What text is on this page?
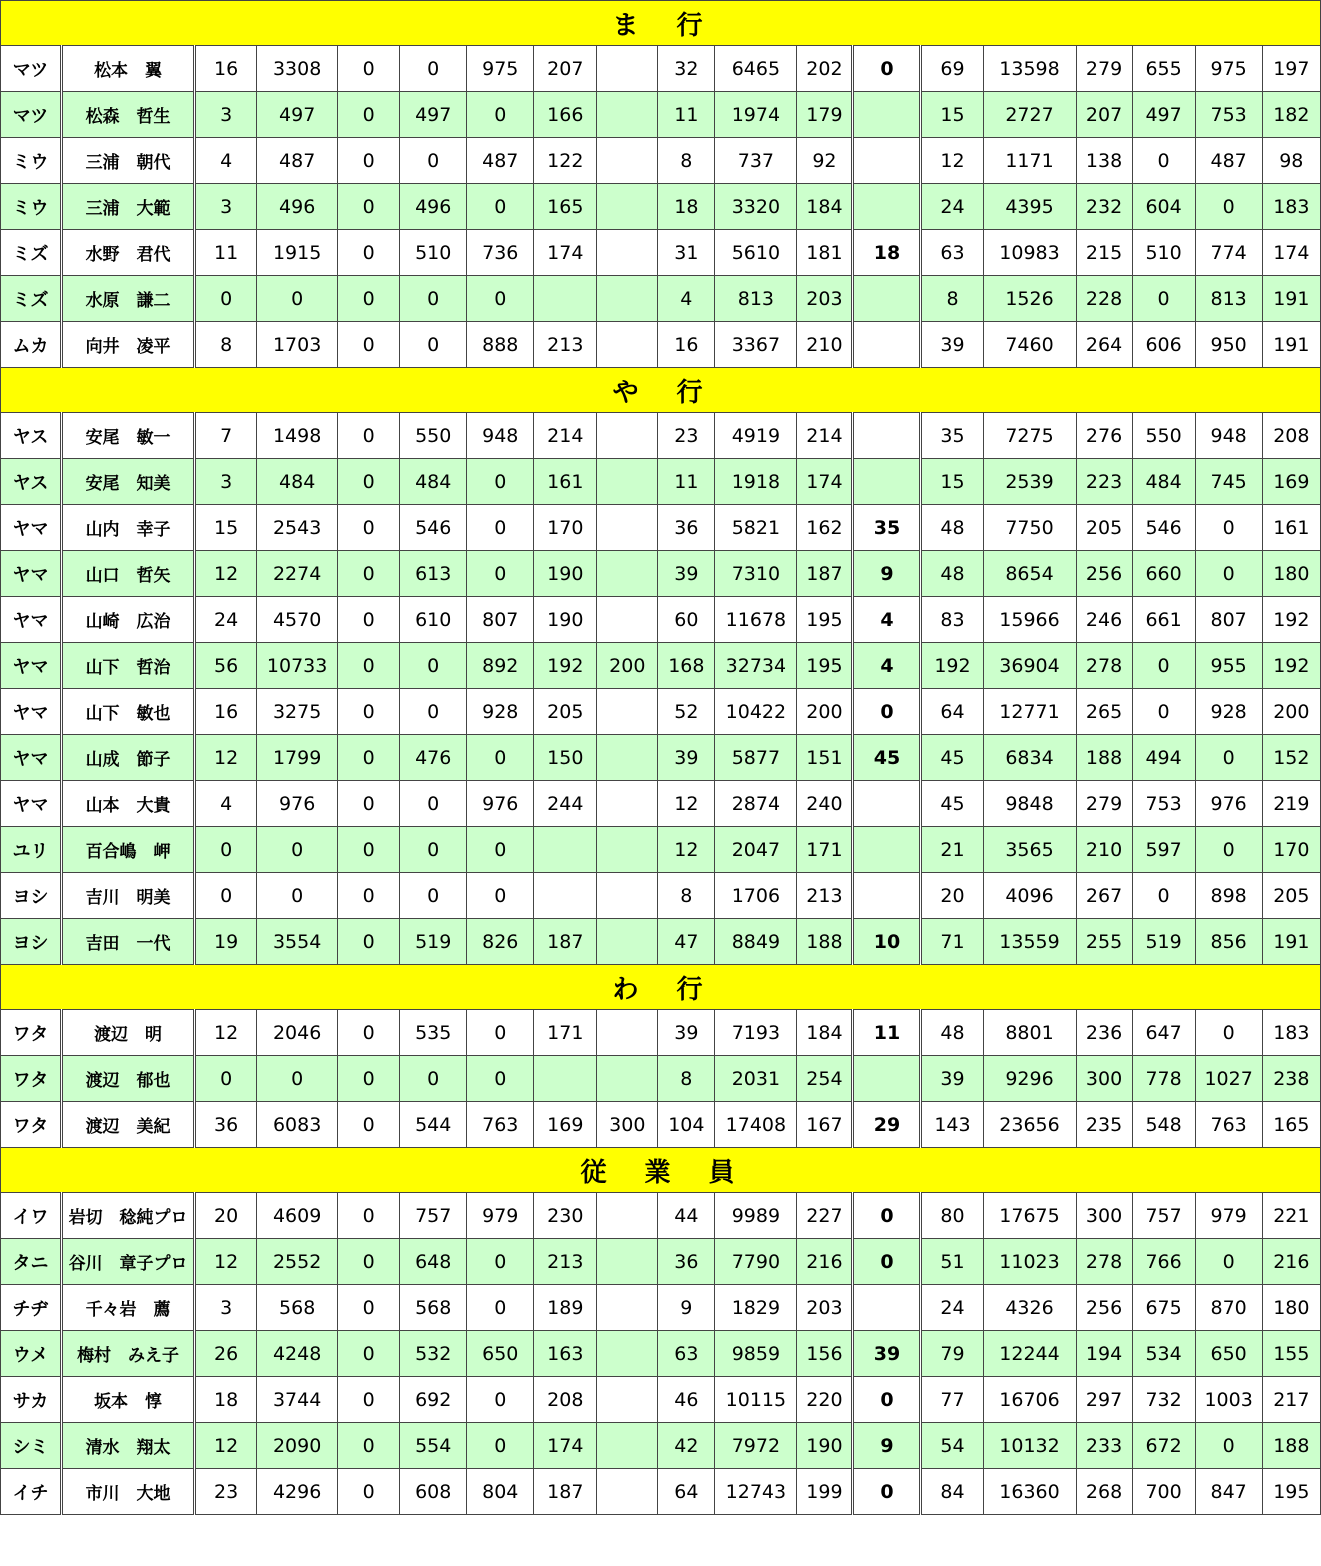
ま　行																		
マツ	松本　翼	16	3308	0	0	975	207		32	6465	202	0	69	13598	279	655	975	197
マツ	松森　哲生	3	497	0	497	0	166		11	1974	179		15	2727	207	497	753	182
ミウ	三浦　朝代	4	487	0	0	487	122		8	737	92		12	1171	138	0	487	98
ミウ	三浦　大範	3	496	0	496	0	165		18	3320	184		24	4395	232	604	0	183
ミズ	水野　君代	11	1915	0	510	736	174		31	5610	181	18	63	10983	215	510	774	174
ミズ	水原　謙二	0	0	0	0	0			4	813	203		8	1526	228	0	813	191
ムカ	向井　凌平	8	1703	0	0	888	213		16	3367	210		39	7460	264	606	950	191
や　行																		
ヤス	安尾　敏一	7	1498	0	550	948	214		23	4919	214		35	7275	276	550	948	208
ヤス	安尾　知美	3	484	0	484	0	161		11	1918	174		15	2539	223	484	745	169
ヤマ	山内　幸子	15	2543	0	546	0	170		36	5821	162	35	48	7750	205	546	0	161
ヤマ	山口　哲矢	12	2274	0	613	0	190		39	7310	187	9	48	8654	256	660	0	180
ヤマ	山崎　広治	24	4570	0	610	807	190		60	11678	195	4	83	15966	246	661	807	192
ヤマ	山下　哲治	56	10733	0	0	892	192	200	168	32734	195	4	192	36904	278	0	955	192
ヤマ	山下　敏也	16	3275	0	0	928	205		52	10422	200	0	64	12771	265	0	928	200
ヤマ	山成　節子	12	1799	0	476	0	150		39	5877	151	45	45	6834	188	494	0	152
ヤマ	山本　大貴	4	976	0	0	976	244		12	2874	240		45	9848	279	753	976	219
ユリ	百合嶋　岬	0	0	0	0	0			12	2047	171		21	3565	210	597	0	170
ヨシ	吉川　明美	0	0	0	0	0			8	1706	213		20	4096	267	0	898	205
ヨシ	吉田　一代	19	3554	0	519	826	187		47	8849	188	10	71	13559	255	519	856	191
わ　行																		
ワタ	渡辺　明	12	2046	0	535	0	171		39	7193	184	11	48	8801	236	647	0	183
ワタ	渡辺　郁也	0	0	0	0	0			8	2031	254		39	9296	300	778	1027	238
ワタ	渡辺　美紀	36	6083	0	544	763	169	300	104	17408	167	29	143	23656	235	548	763	165
従　業　員																		
イワ	岩切　稔純プロ	20	4609	0	757	979	230		44	9989	227	0	80	17675	300	757	979	221
タニ	谷川　章子プロ	12	2552	0	648	0	213		36	7790	216	0	51	11023	278	766	0	216
チヂ	千々岩　薦	3	568	0	568	0	189		9	1829	203		24	4326	256	675	870	180
ウメ	梅村　みえ子	26	4248	0	532	650	163		63	9859	156	39	79	12244	194	534	650	155
サカ	坂本　惇	18	3744	0	692	0	208		46	10115	220	0	77	16706	297	732	1003	217
シミ	清水　翔太	12	2090	0	554	0	174		42	7972	190	9	54	10132	233	672	0	188
イチ	市川　大地	23	4296	0	608	804	187		64	12743	199	0	84	16360	268	700	847	195
